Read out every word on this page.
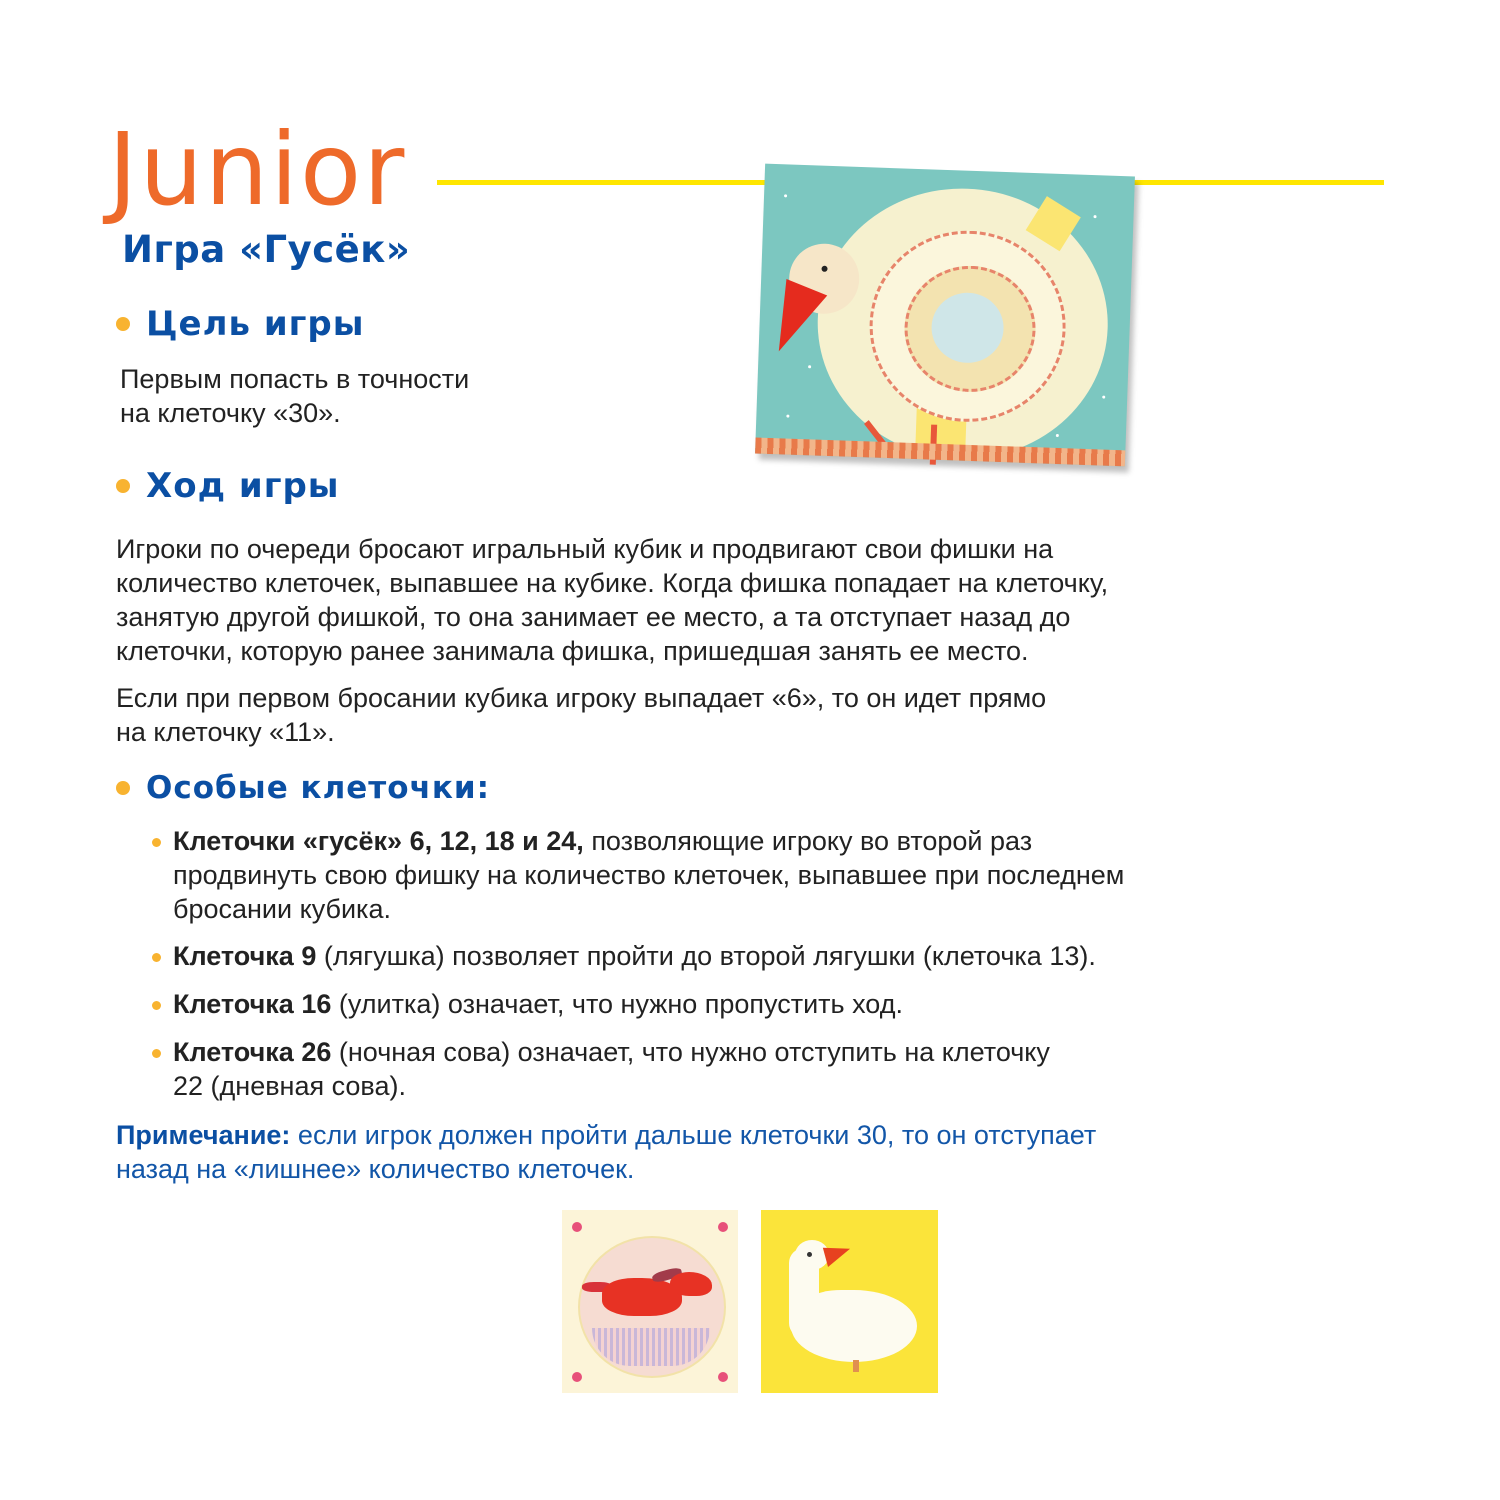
Junior
Игра «Гусёк»
Цель игры

Первым попасть в точности

на клеточку «30».

Ход игры

Игроки по очереди бросают игральный кубик и продвигают свои фишки на

количество клеточек, выпавшее на кубике. Когда фишка попадает на клеточку,

занятую другой фишкой, то она занимает ее место, а та отступает назад до

клеточки, которую ранее занимала фишка, пришедшая занять ее место.

Если при первом бросании кубика игроку выпадает «6», то он идет прямо

на клеточку «11».

Особые клеточки:
Клеточки «гусёк» 6, 12, 18 и 24, позволяющие игроку во второй раз
продвинуть свою фишку на количество клеточек, выпавшее при последнем
бросании кубика.
Клеточка 9 (лягушка) позволяет пройти до второй лягушки (клеточка 13).
Клеточка 16 (улитка) означает, что нужно пропустить ход.
Клеточка 26 (ночная сова) означает, что нужно отступить на клеточку
22 (дневная сова).
Примечание: если игрок должен пройти дальше клеточки 30, то он отступает
назад на «лишнее» количество клеточек.
